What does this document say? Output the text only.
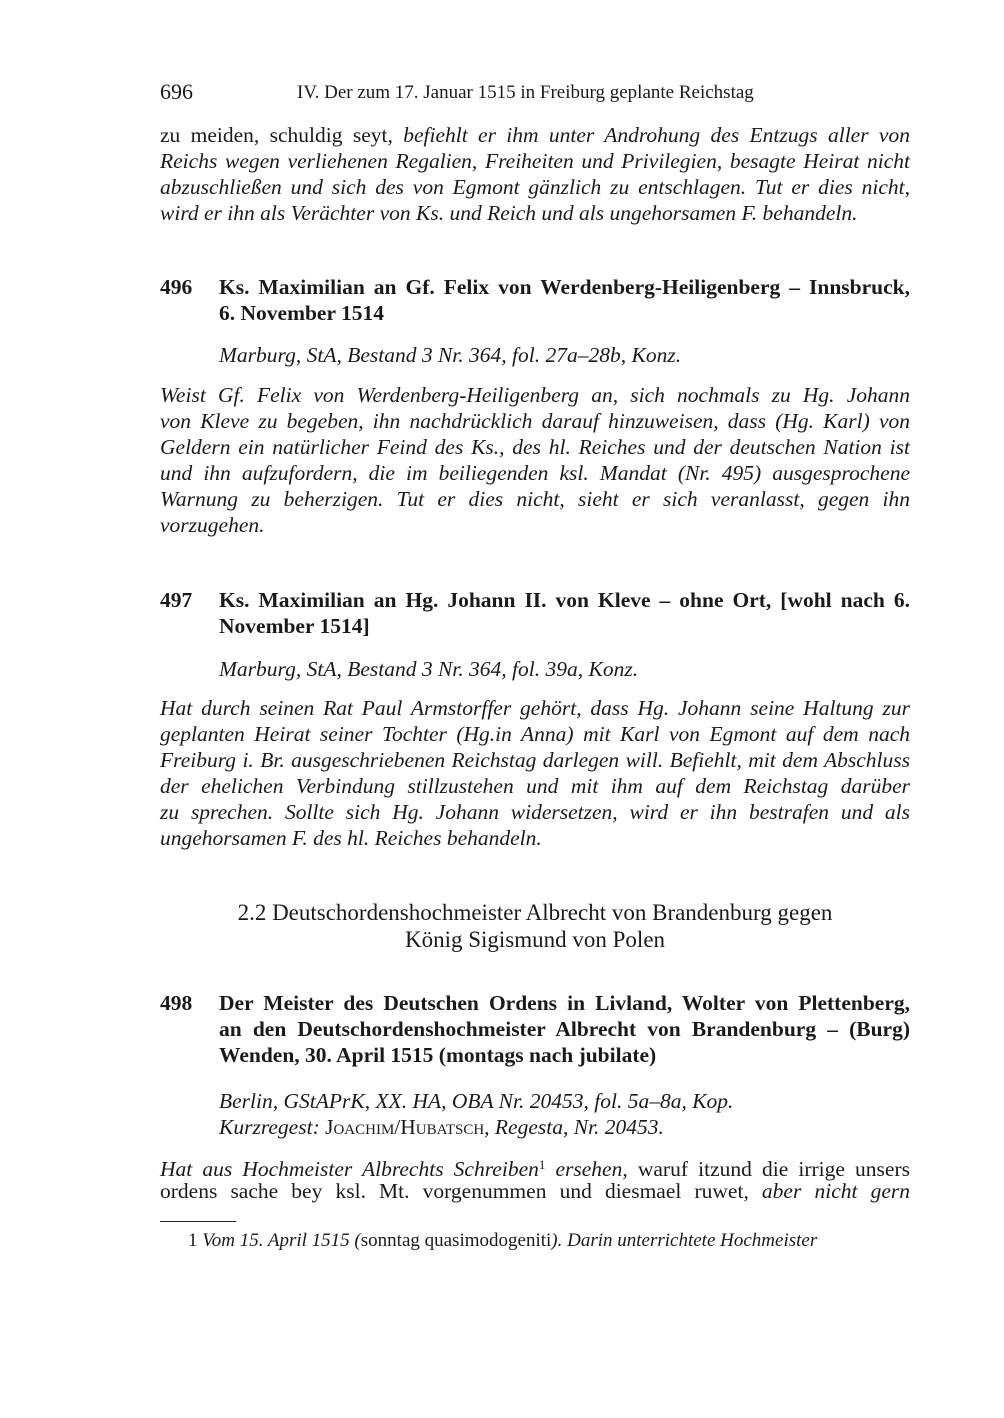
696	IV. Der zum 17. Januar 1515 in Freiburg geplante Reichstag
496
497
498
zu meiden, schuldig seyt, befiehlt er ihm unter Androhung des Entzugs aller von
Reichs wegen verliehenen Regalien, Freiheiten und Privilegien, besagte Heirat nicht
abzuschließen und sich des von Egmont gänzlich zu entschlagen. Tut er dies nicht,
wird er ihn als Verächter von Ks. und Reich und als ungehorsamen F. behandeln.
Ks. Maximilian an Gf. Felix von Werdenberg-Heiligenberg – Innsbruck,
6. November 1514
Marburg, StA, Bestand 3 Nr. 364, fol. 27a–28b, Konz.
Weist Gf. Felix von Werdenberg-Heiligenberg an, sich nochmals zu Hg. Johann
von Kleve zu begeben, ihn nachdrücklich darauf hinzuweisen, dass (Hg. Karl) von
Geldern ein natürlicher Feind des Ks., des hl. Reiches und der deutschen Nation ist
und ihn aufzufordern, die im beiliegenden ksl. Mandat (Nr. 495) ausgesprochene
Warnung zu beherzigen. Tut er dies nicht, sieht er sich veranlasst, gegen ihn
vorzugehen.
Ks. Maximilian an Hg. Johann II. von Kleve – ohne Ort, [wohl nach 6.
November 1514]
Marburg, StA, Bestand 3 Nr. 364, fol. 39a, Konz.
Hat durch seinen Rat Paul Armstorffer gehört, dass Hg. Johann seine Haltung zur
geplanten Heirat seiner Tochter (Hg.in Anna) mit Karl von Egmont auf dem nach
Freiburg i. Br. ausgeschriebenen Reichstag darlegen will. Befiehlt, mit dem Abschluss
der ehelichen Verbindung stillzustehen und mit ihm auf dem Reichstag darüber
zu sprechen. Sollte sich Hg. Johann widersetzen, wird er ihn bestrafen und als
ungehorsamen F. des hl. Reiches behandeln.
2.2 Deutschordenshochmeister Albrecht von Brandenburg gegen
König Sigismund von Polen
Der Meister des Deutschen Ordens in Livland, Wolter von Plettenberg,
an den Deutschordenshochmeister Albrecht von Brandenburg – (Burg)
Wenden, 30. April 1515 (montags nach jubilate)
Berlin, GStAPrK, XX. HA, OBA Nr. 20453, fol. 5a–8a, Kop.
Kurzregest: Joachim/Hubatsch, Regesta, Nr. 20453.
Hat aus Hochmeister Albrechts Schreiben$^1$ ersehen, waruf itzund die irrige unsers
ordens sache bey ksl. Mt. vorgenummen und diesmael ruwet, aber nicht gern
1 Vom 15. April 1515 (sonntag quasimodogeniti). Darin unterrichtete Hochmeister
